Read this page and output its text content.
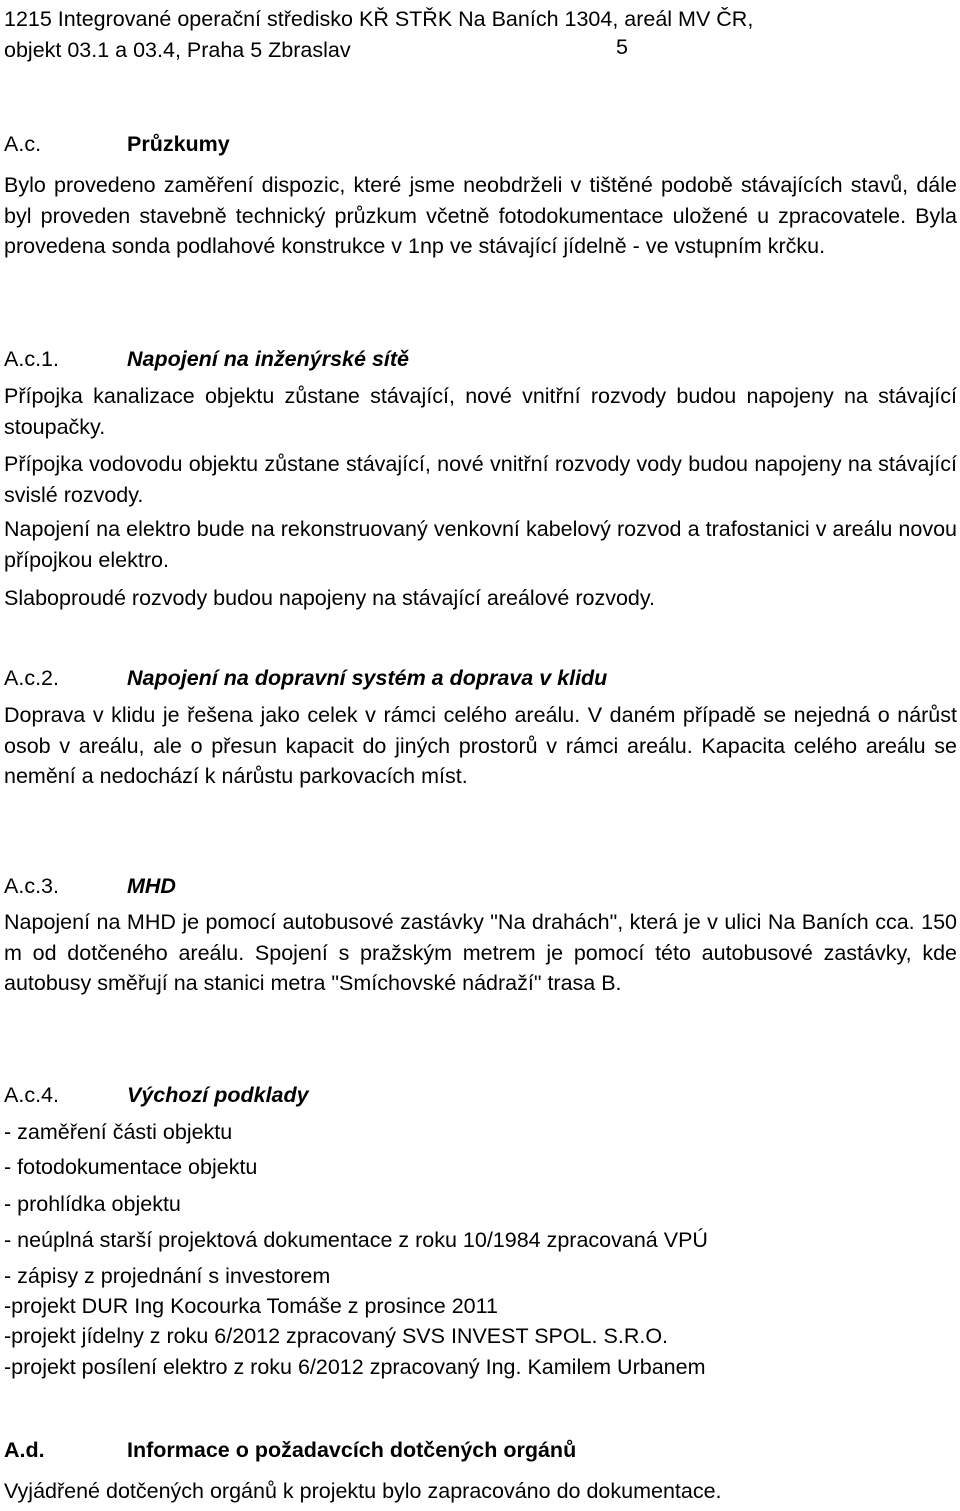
1215 Integrované operační středisko KŘ STŘK Na Baních 1304, areál MV ČR,
objekt 03.1 a 03.4, Praha 5 Zbraslav	5
A.c.	Průzkumy
Bylo provedeno zaměření dispozic, které jsme neobdrželi v tištěné podobě stávajících stavů, dále byl proveden stavebně technický průzkum včetně fotodokumentace uložené u zpracovatele. Byla provedena sonda podlahové konstrukce v 1np ve stávající jídelně - ve vstupním krčku.
A.c.1.	Napojení na inženýrské sítě
Přípojka kanalizace objektu zůstane stávající, nové vnitřní rozvody budou napojeny na stávající stoupačky.
Přípojka vodovodu objektu zůstane stávající, nové vnitřní rozvody vody budou napojeny na stávající svislé rozvody.
Napojení na elektro bude na rekonstruovaný venkovní kabelový rozvod a trafostanici v areálu novou přípojkou elektro.
Slaboproudé rozvody budou napojeny na stávající areálové rozvody.
A.c.2.	Napojení na dopravní systém a doprava v klidu
Doprava v klidu je řešena jako celek v rámci celého areálu. V daném případě se nejedná o nárůst osob v areálu, ale o přesun kapacit do jiných prostorů v rámci areálu. Kapacita celého areálu se nemění a nedochází k nárůstu parkovacích míst.
A.c.3.	MHD
Napojení na MHD je pomocí autobusové zastávky "Na drahách", která je v ulici Na Baních cca. 150 m od dotčeného areálu. Spojení s pražským metrem je pomocí této autobusové zastávky, kde autobusy směřují na stanici metra "Smíchovské nádraží" trasa B.
A.c.4.	Výchozí podklady
- zaměření části objektu
- fotodokumentace objektu
- prohlídka objektu
- neúplná starší projektová dokumentace z roku 10/1984 zpracovaná VPÚ
- zápisy z projednání s investorem
-projekt DUR Ing Kocourka Tomáše z prosince 2011
-projekt jídelny z roku 6/2012 zpracovaný SVS INVEST SPOL. S.R.O.
-projekt posílení elektro z roku 6/2012 zpracovaný Ing. Kamilem Urbanem
A.d.	Informace o požadavcích dotčených orgánů
Vyjádřené dotčených orgánů k projektu bylo zapracováno do dokumentace.
